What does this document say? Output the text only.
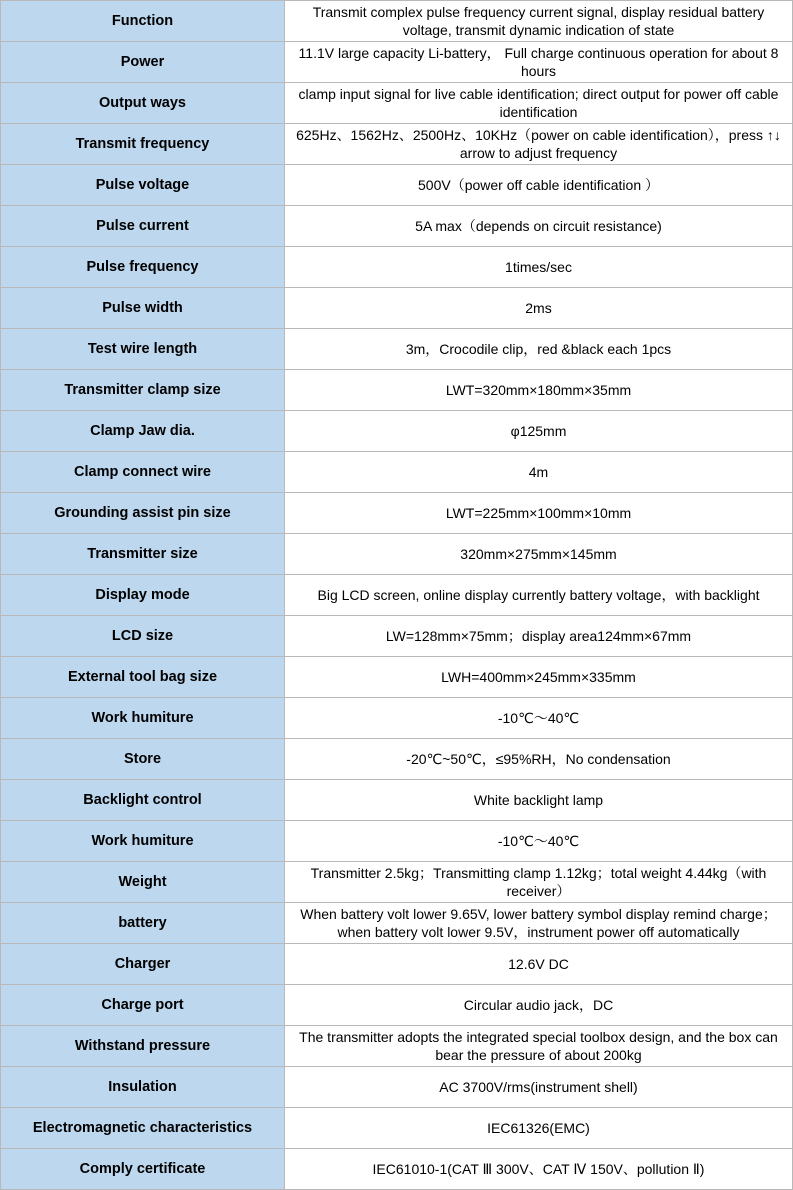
Function	Transmit complex pulse frequency current signal, display residual battery voltage, transmit dynamic indication of state
Power	11.1V large capacity Li-battery， Full charge continuous operation for about 8 hours
Output ways	clamp input signal for live cable identification; direct output for power off cable identification
Transmit frequency	625Hz、1562Hz、2500Hz、10KHz（power on cable identification），press ↑↓ arrow to adjust frequency
Pulse voltage	500V（power off cable identification ）
Pulse current	5A max（depends on circuit resistance)
Pulse frequency	1times/sec
Pulse width	2ms
Test wire length	3m，Crocodile clip，red &black each 1pcs
Transmitter clamp size	LWT=320mm×180mm×35mm
Clamp Jaw dia.	φ125mm
Clamp connect wire	4m
Grounding assist pin size	LWT=225mm×100mm×10mm
Transmitter size	320mm×275mm×145mm
Display mode	Big LCD screen, online display currently battery voltage，with backlight
LCD size	LW=128mm×75mm；display area124mm×67mm
External tool bag size	LWH=400mm×245mm×335mm
Work humiture	-10℃～40℃
Store	-20℃~50℃，≤95%RH，No condensation
Backlight control	White backlight lamp
Work humiture	-10℃～40℃
Weight	Transmitter 2.5kg；Transmitting clamp 1.12kg；total weight 4.44kg（with receiver）
battery	When battery volt lower 9.65V, lower battery symbol display remind charge；when battery volt lower 9.5V，instrument power off automatically
Charger	12.6V DC
Charge port	Circular audio jack，DC
Withstand pressure	The transmitter adopts the integrated special toolbox design, and the box can bear the pressure of about 200kg
Insulation	AC 3700V/rms(instrument shell)
Electromagnetic characteristics	IEC61326(EMC)
Comply certificate	IEC61010-1(CAT Ⅲ 300V、CAT Ⅳ 150V、pollution Ⅱ)
